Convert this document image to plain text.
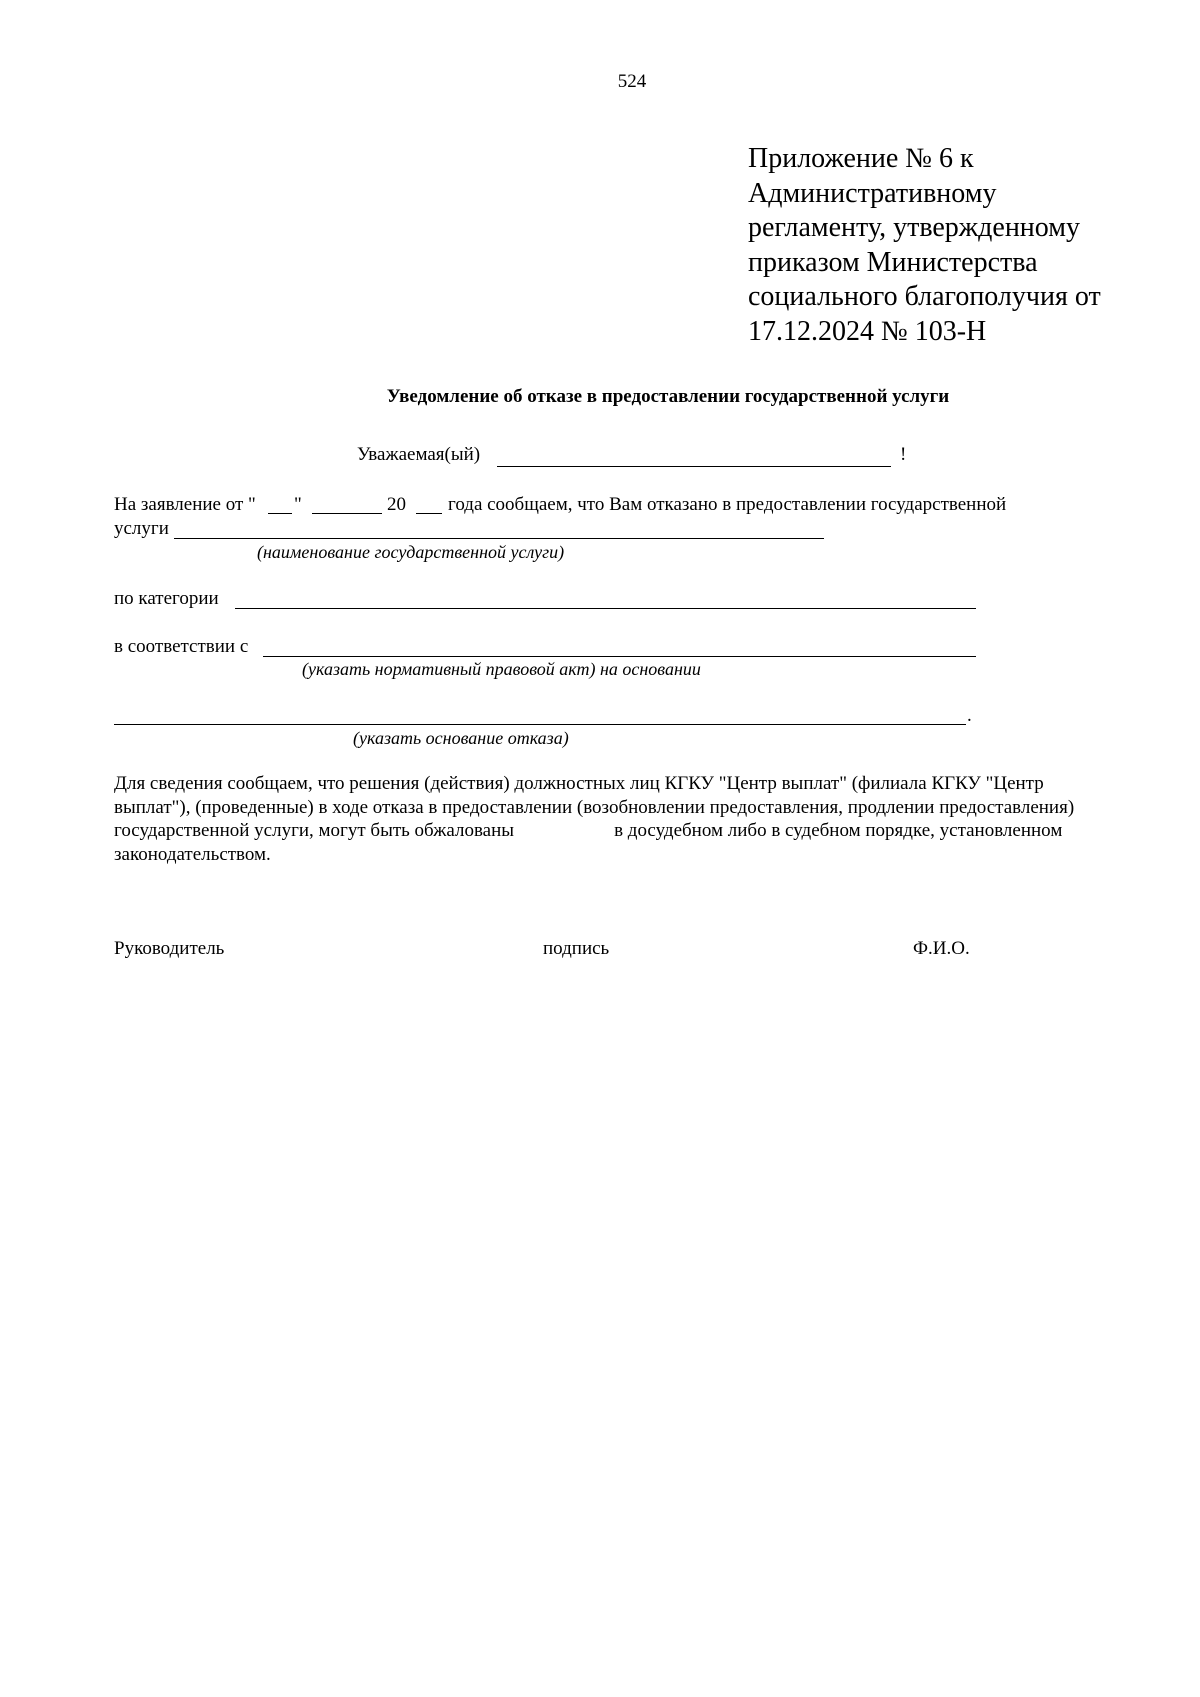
524
Приложение № 6 к
Административному
регламенту, утвержденному
приказом Министерства
социального благополучия от
17.12.2024 № 103-Н
Уведомление об отказе в предоставлении государственной услуги
Уважаемая(ый)	!
На заявление от " "	20 года сообщаем, что Вам отказано в предоставлении государственной
услуги
(наименование государственной услуги)
по категории
в соответствии с
(указать нормативный правовой акт) на основании
.
(указать основание отказа)
Для сведения сообщаем, что решения (действия) должностных лиц КГКУ "Центр выплат" (филиала КГКУ "Центр
выплат"), (проведенные) в ходе отказа в предоставлении (возобновлении предоставления, продлении предоставления)
государственной услуги, могут быть обжалованы	в досудебном либо в судебном порядке, установленном
законодательством.
Руководитель	подпись	Ф.И.О.
